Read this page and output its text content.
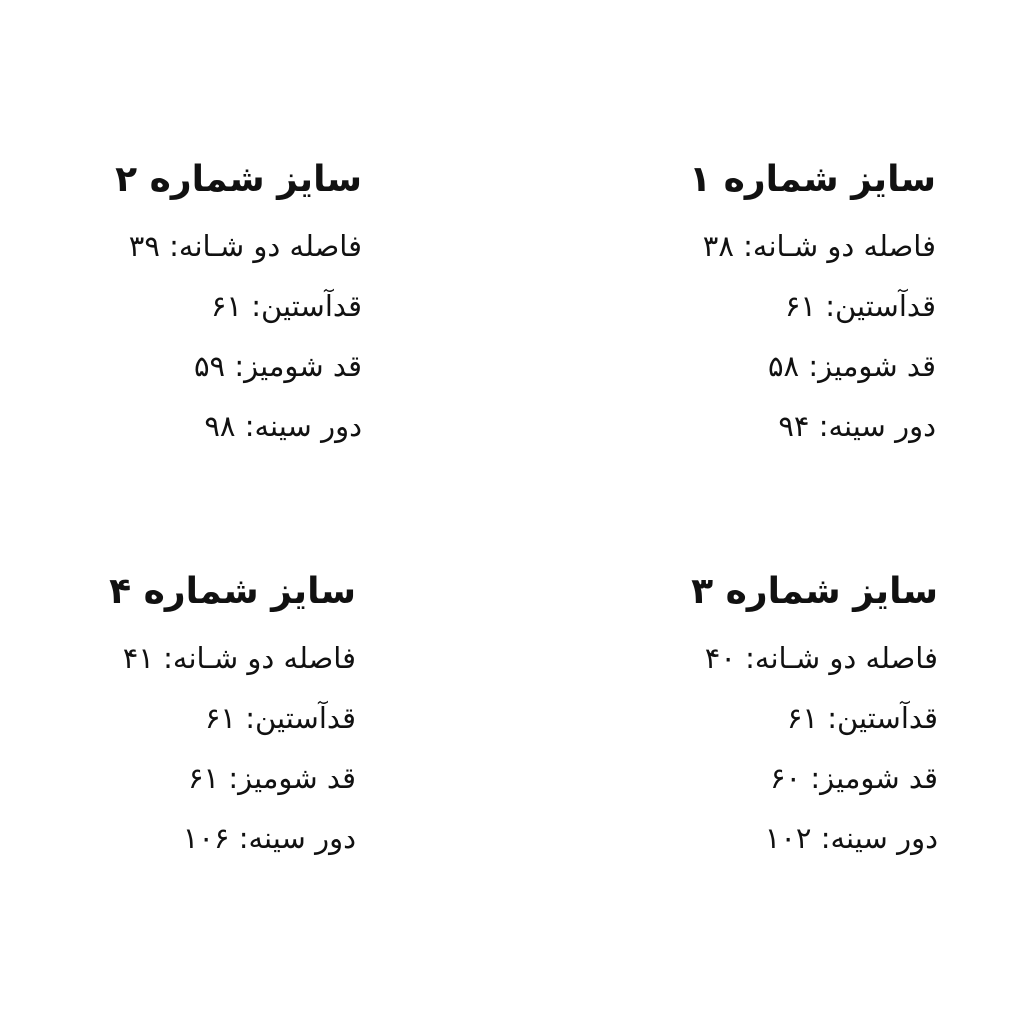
سایز شماره ۱
فاصله دو شـانه: ۳۸
قدآستین: ۶۱
قد شومیز: ۵۸
دور سینه: ۹۴
سایز شماره ۲
فاصله دو شـانه: ۳۹
قدآستین: ۶۱
قد شومیز: ۵۹
دور سینه: ۹۸
سایز شماره ۳
فاصله دو شـانه: ۴۰
قدآستین: ۶۱
قد شومیز: ۶۰
دور سینه: ۱۰۲
سایز شماره ۴
فاصله دو شـانه: ۴۱
قدآستین: ۶۱
قد شومیز: ۶۱
دور سینه: ۱۰۶
